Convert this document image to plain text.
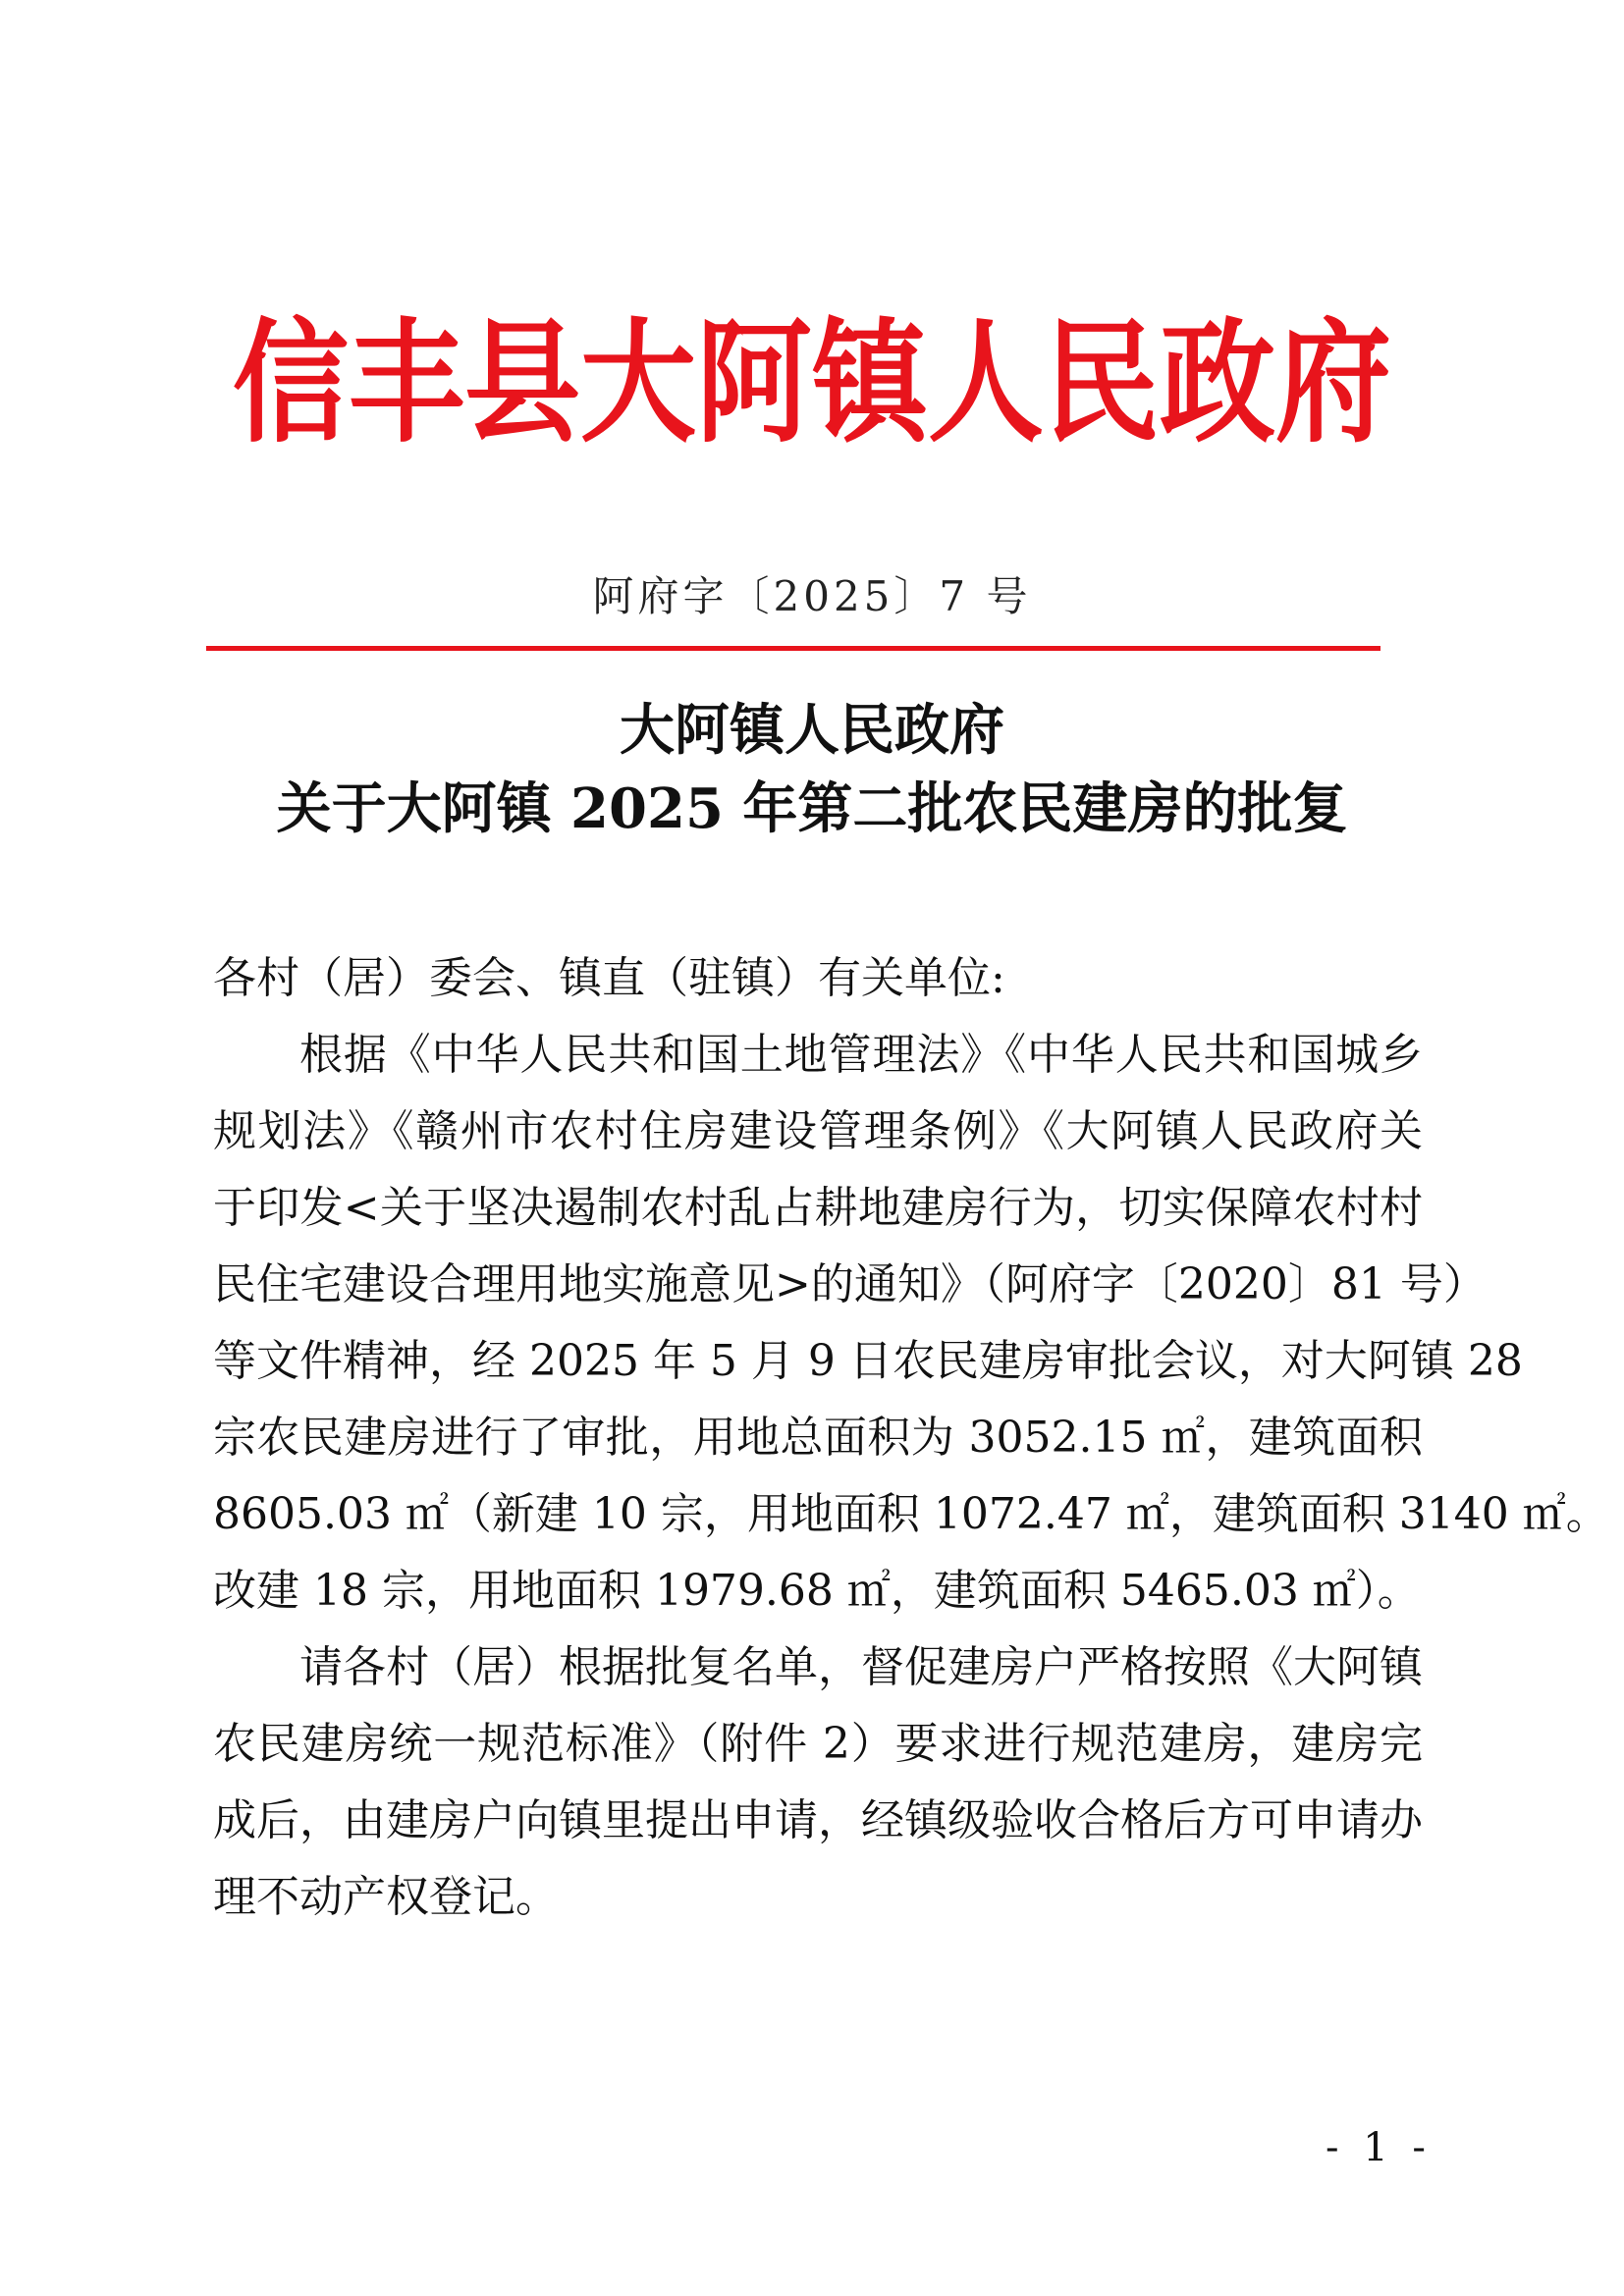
信丰县大阿镇人民政府
阿府字〔2025〕7 号
大阿镇人民政府
关于大阿镇 2025 年第二批农民建房的批复
各村（居）委会、镇直（驻镇）有关单位:
根据《中华人民共和国土地管理法》《中华人民共和国城乡
规划法》《赣州市农村住房建设管理条例》《大阿镇人民政府关
于印发<关于坚决遏制农村乱占耕地建房行为，切实保障农村村
民住宅建设合理用地实施意见>的通知》（阿府字〔2020〕81 号）
等文件精神，经 2025 年 5 月 9 日农民建房审批会议，对大阿镇 28
宗农民建房进行了审批，用地总面积为 3052.15 ㎡，建筑面积
8605.03 ㎡（新建 10 宗，用地面积 1072.47 ㎡，建筑面积 3140 ㎡。
改建 18 宗，用地面积 1979.68 ㎡，建筑面积 5465.03 ㎡）。
请各村（居）根据批复名单，督促建房户严格按照《大阿镇
农民建房统一规范标准》（附件 2）要求进行规范建房，建房完
成后，由建房户向镇里提出申请，经镇级验收合格后方可申请办
理不动产权登记。
- 1 -
